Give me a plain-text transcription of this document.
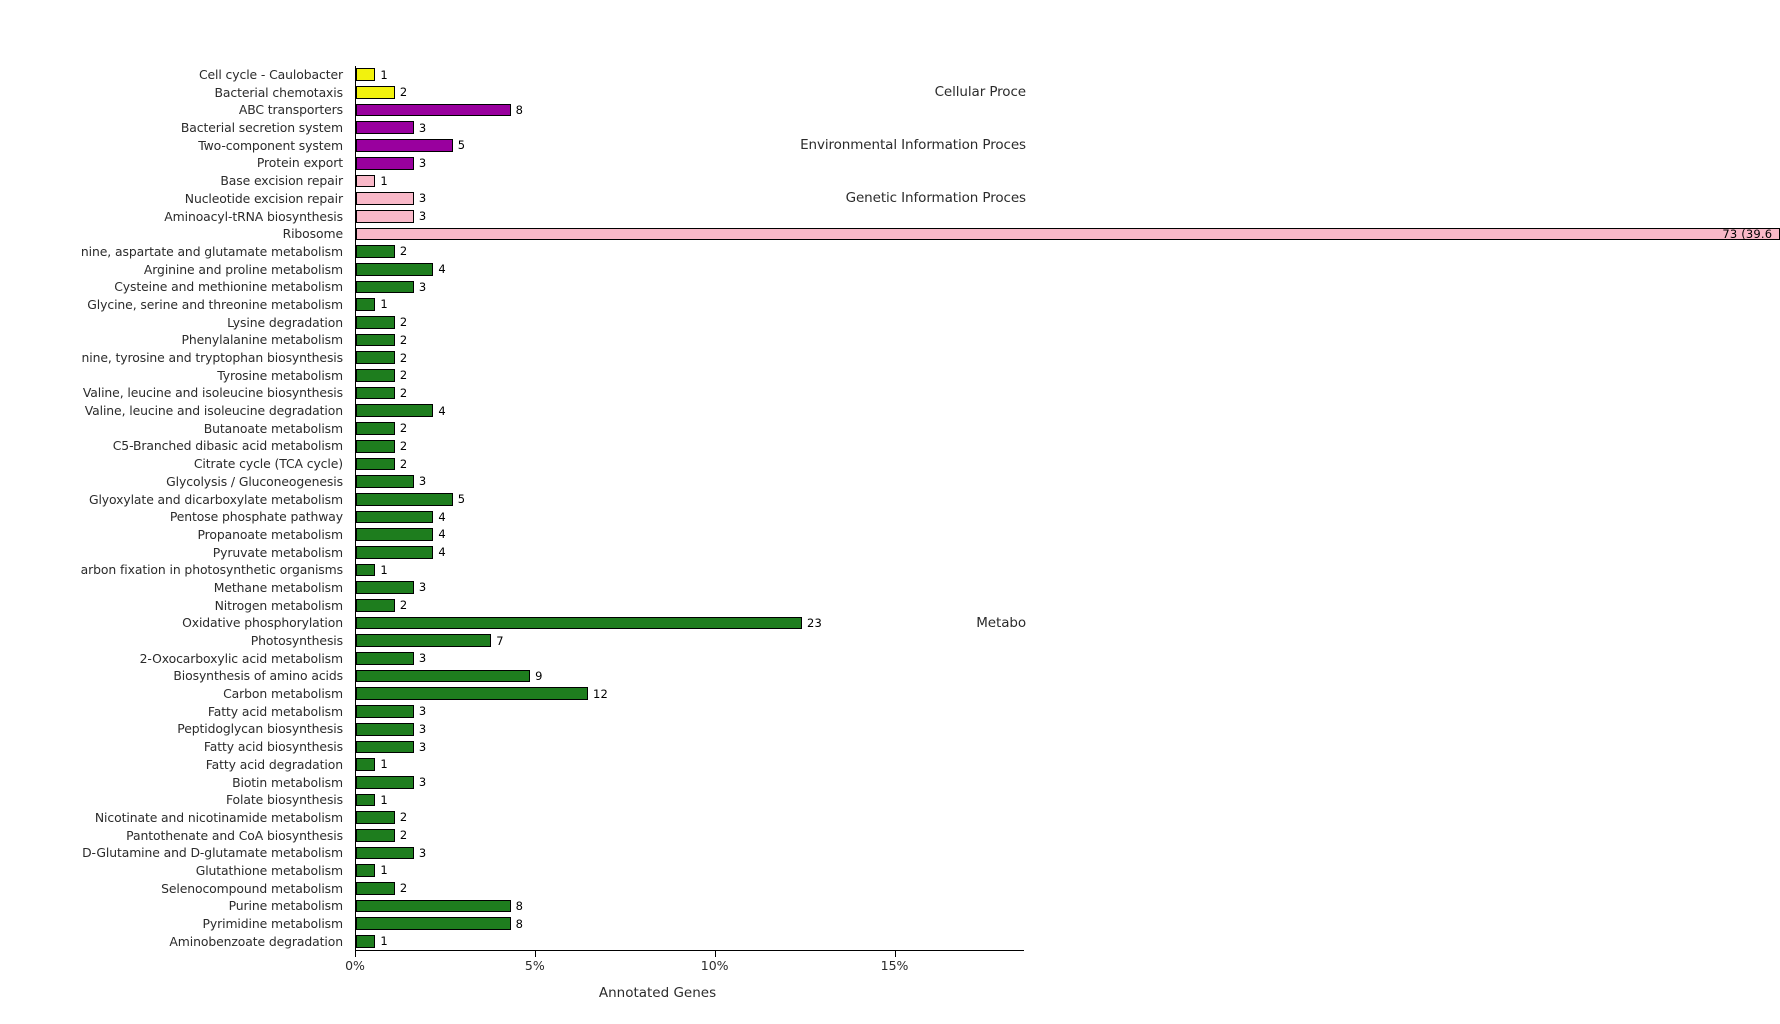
Cell cycle - Caulobacter
Bacterial chemotaxis
ABC transporters
Bacterial secretion system
Two-component system
Protein export
Base excision repair
Nucleotide excision repair
Aminoacyl-tRNA biosynthesis
Ribosome
nine, aspartate and glutamate metabolism
Arginine and proline metabolism
Cysteine and methionine metabolism
Glycine, serine and threonine metabolism
Lysine degradation
Phenylalanine metabolism
nine, tyrosine and tryptophan biosynthesis
Tyrosine metabolism
Valine, leucine and isoleucine biosynthesis
Valine, leucine and isoleucine degradation
Butanoate metabolism
C5-Branched dibasic acid metabolism
Citrate cycle (TCA cycle)
Glycolysis / Gluconeogenesis
Glyoxylate and dicarboxylate metabolism
Pentose phosphate pathway
Propanoate metabolism
Pyruvate metabolism
arbon fixation in photosynthetic organisms
Methane metabolism
Nitrogen metabolism
Oxidative phosphorylation
Photosynthesis
2-Oxocarboxylic acid metabolism
Biosynthesis of amino acids
Carbon metabolism
Fatty acid metabolism
Peptidoglycan biosynthesis
Fatty acid biosynthesis
Fatty acid degradation
Biotin metabolism
Folate biosynthesis
Nicotinate and nicotinamide metabolism
Pantothenate and CoA biosynthesis
D-Glutamine and D-glutamate metabolism
Glutathione metabolism
Selenocompound metabolism
Purine metabolism
Pyrimidine metabolism
Aminobenzoate degradation
1
2
8
3
5
3
1
3
3
73 (39.6
2
4
3
1
2
2
2
2
2
4
2
2
2
3
5
4
4
4
1
3
2
23
7
3
9
12
3
3
3
1
3
1
2
2
3
1
2
8
8
1
Cellular Proce
Environmental Information Proces
Genetic Information Proces
Metabo
0%	5%	10%	15%
Annotated Genes
